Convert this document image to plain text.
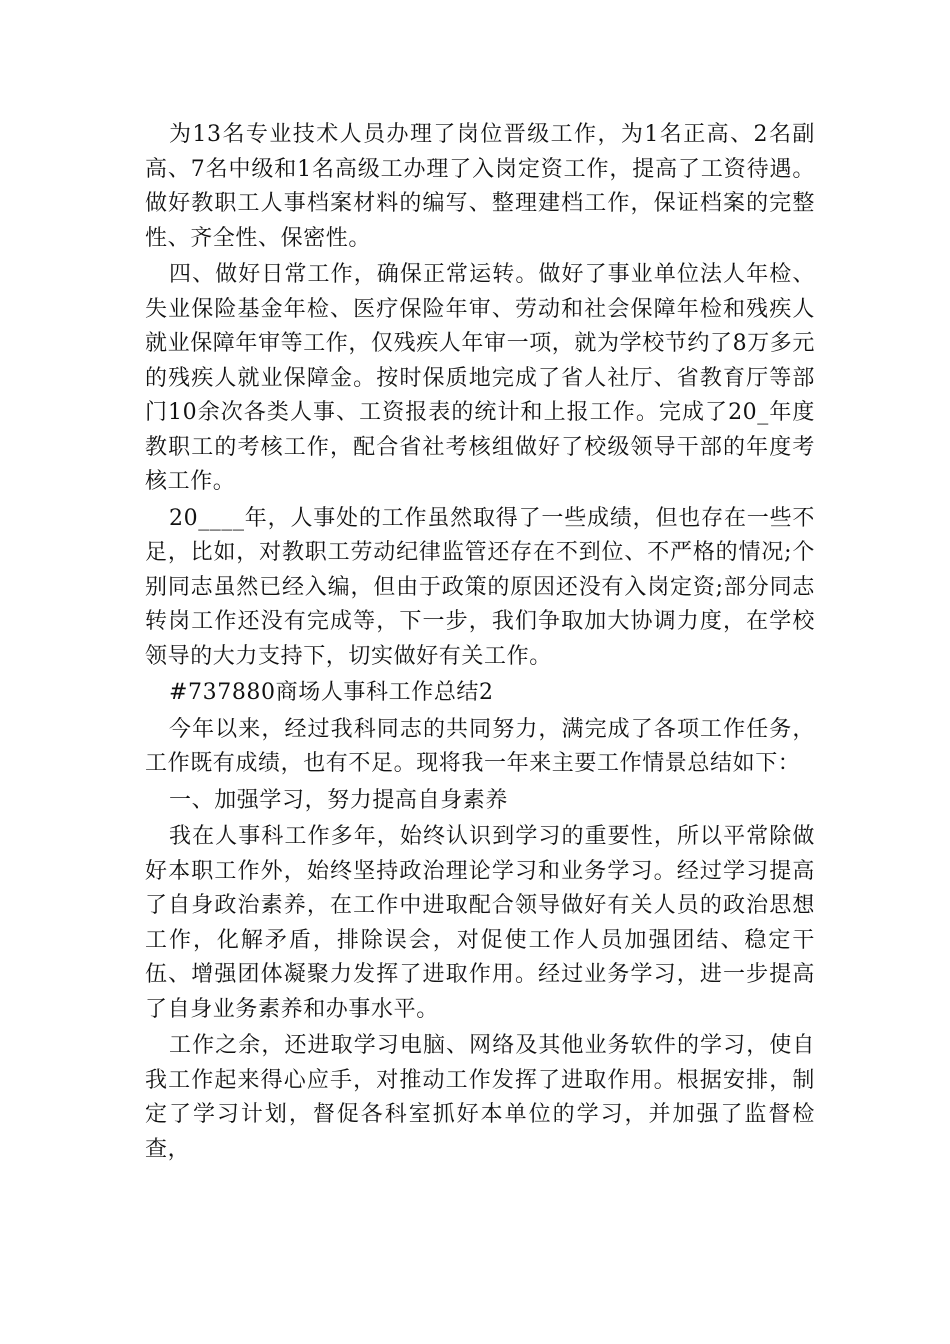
为13名专业技术人员办理了岗位晋级工作，为1名正高、2名副高、7名中级和1名高级工办理了入岗定资工作，提高了工资待遇。做好教职工人事档案材料的编写、整理建档工作，保证档案的完整性、齐全性、保密性。

四、做好日常工作，确保正常运转。做好了事业单位法人年检、失业保险基金年检、医疗保险年审、劳动和社会保障年检和残疾人就业保障年审等工作，仅残疾人年审一项，就为学校节约了8万多元的残疾人就业保障金。按时保质地完成了省人社厅、省教育厅等部门10余次各类人事、工资报表的统计和上报工作。完成了20_年度教职工的考核工作，配合省社考核组做好了校级领导干部的年度考核工作。

20____年，人事处的工作虽然取得了一些成绩，但也存在一些不足，比如，对教职工劳动纪律监管还存在不到位、不严格的情况;个别同志虽然已经入编，但由于政策的原因还没有入岗定资;部分同志转岗工作还没有完成等，下一步，我们争取加大协调力度，在学校领导的大力支持下，切实做好有关工作。

#737880商场人事科工作总结2

今年以来，经过我科同志的共同努力，满完成了各项工作任务，工作既有成绩，也有不足。现将我一年来主要工作情景总结如下：

一、加强学习，努力提高自身素养

我在人事科工作多年，始终认识到学习的重要性，所以平常除做好本职工作外，始终坚持政治理论学习和业务学习。经过学习提高了自身政治素养，在工作中进取配合领导做好有关人员的政治思想工作，化解矛盾，排除误会，对促使工作人员加强团结、稳定干伍、增强团体凝聚力发挥了进取作用。经过业务学习，进一步提高了自身业务素养和办事水平。

工作之余，还进取学习电脑、网络及其他业务软件的学习，使自我工作起来得心应手，对推动工作发挥了进取作用。根据安排，制定了学习计划，督促各科室抓好本单位的学习，并加强了监督检查，
